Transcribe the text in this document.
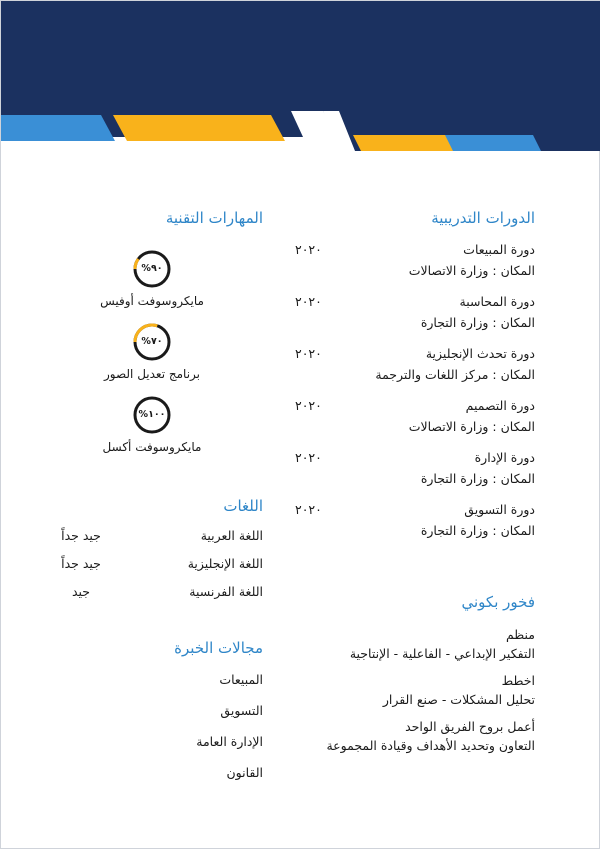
الدورات التدريبية
دورة المبيعات
٢٠٢٠
المكان : وزارة الاتصالات
دورة المحاسبة
٢٠٢٠
المكان : وزارة التجارة
دورة تحدث الإنجليزية
٢٠٢٠
المكان : مركز اللغات والترجمة
دورة التصميم
٢٠٢٠
المكان : وزارة الاتصالات
دورة الإدارة
٢٠٢٠
المكان : وزارة التجارة
دورة التسويق
٢٠٢٠
المكان : وزارة التجارة
فخور بكوني
منظم
التفكير الإبداعي - الفاعلية - الإنتاجية
اخطط
تحليل المشكلات - صنع القرار
أعمل بروح الفريق الواحد
التعاون وتحديد الأهداف وقيادة المجموعة
المهارات التقنية
٩٠%
مايكروسوفت أوفيس
٧٠%
برنامج تعديل الصور
١٠٠%
مايكروسوفت أكسل
اللغات
اللغة العربية
جيد جداً
اللغة الإنجليزية
جيد جداً
اللغة الفرنسية
جيد
مجالات الخبرة
المبيعات
التسويق
الإدارة العامة
القانون
